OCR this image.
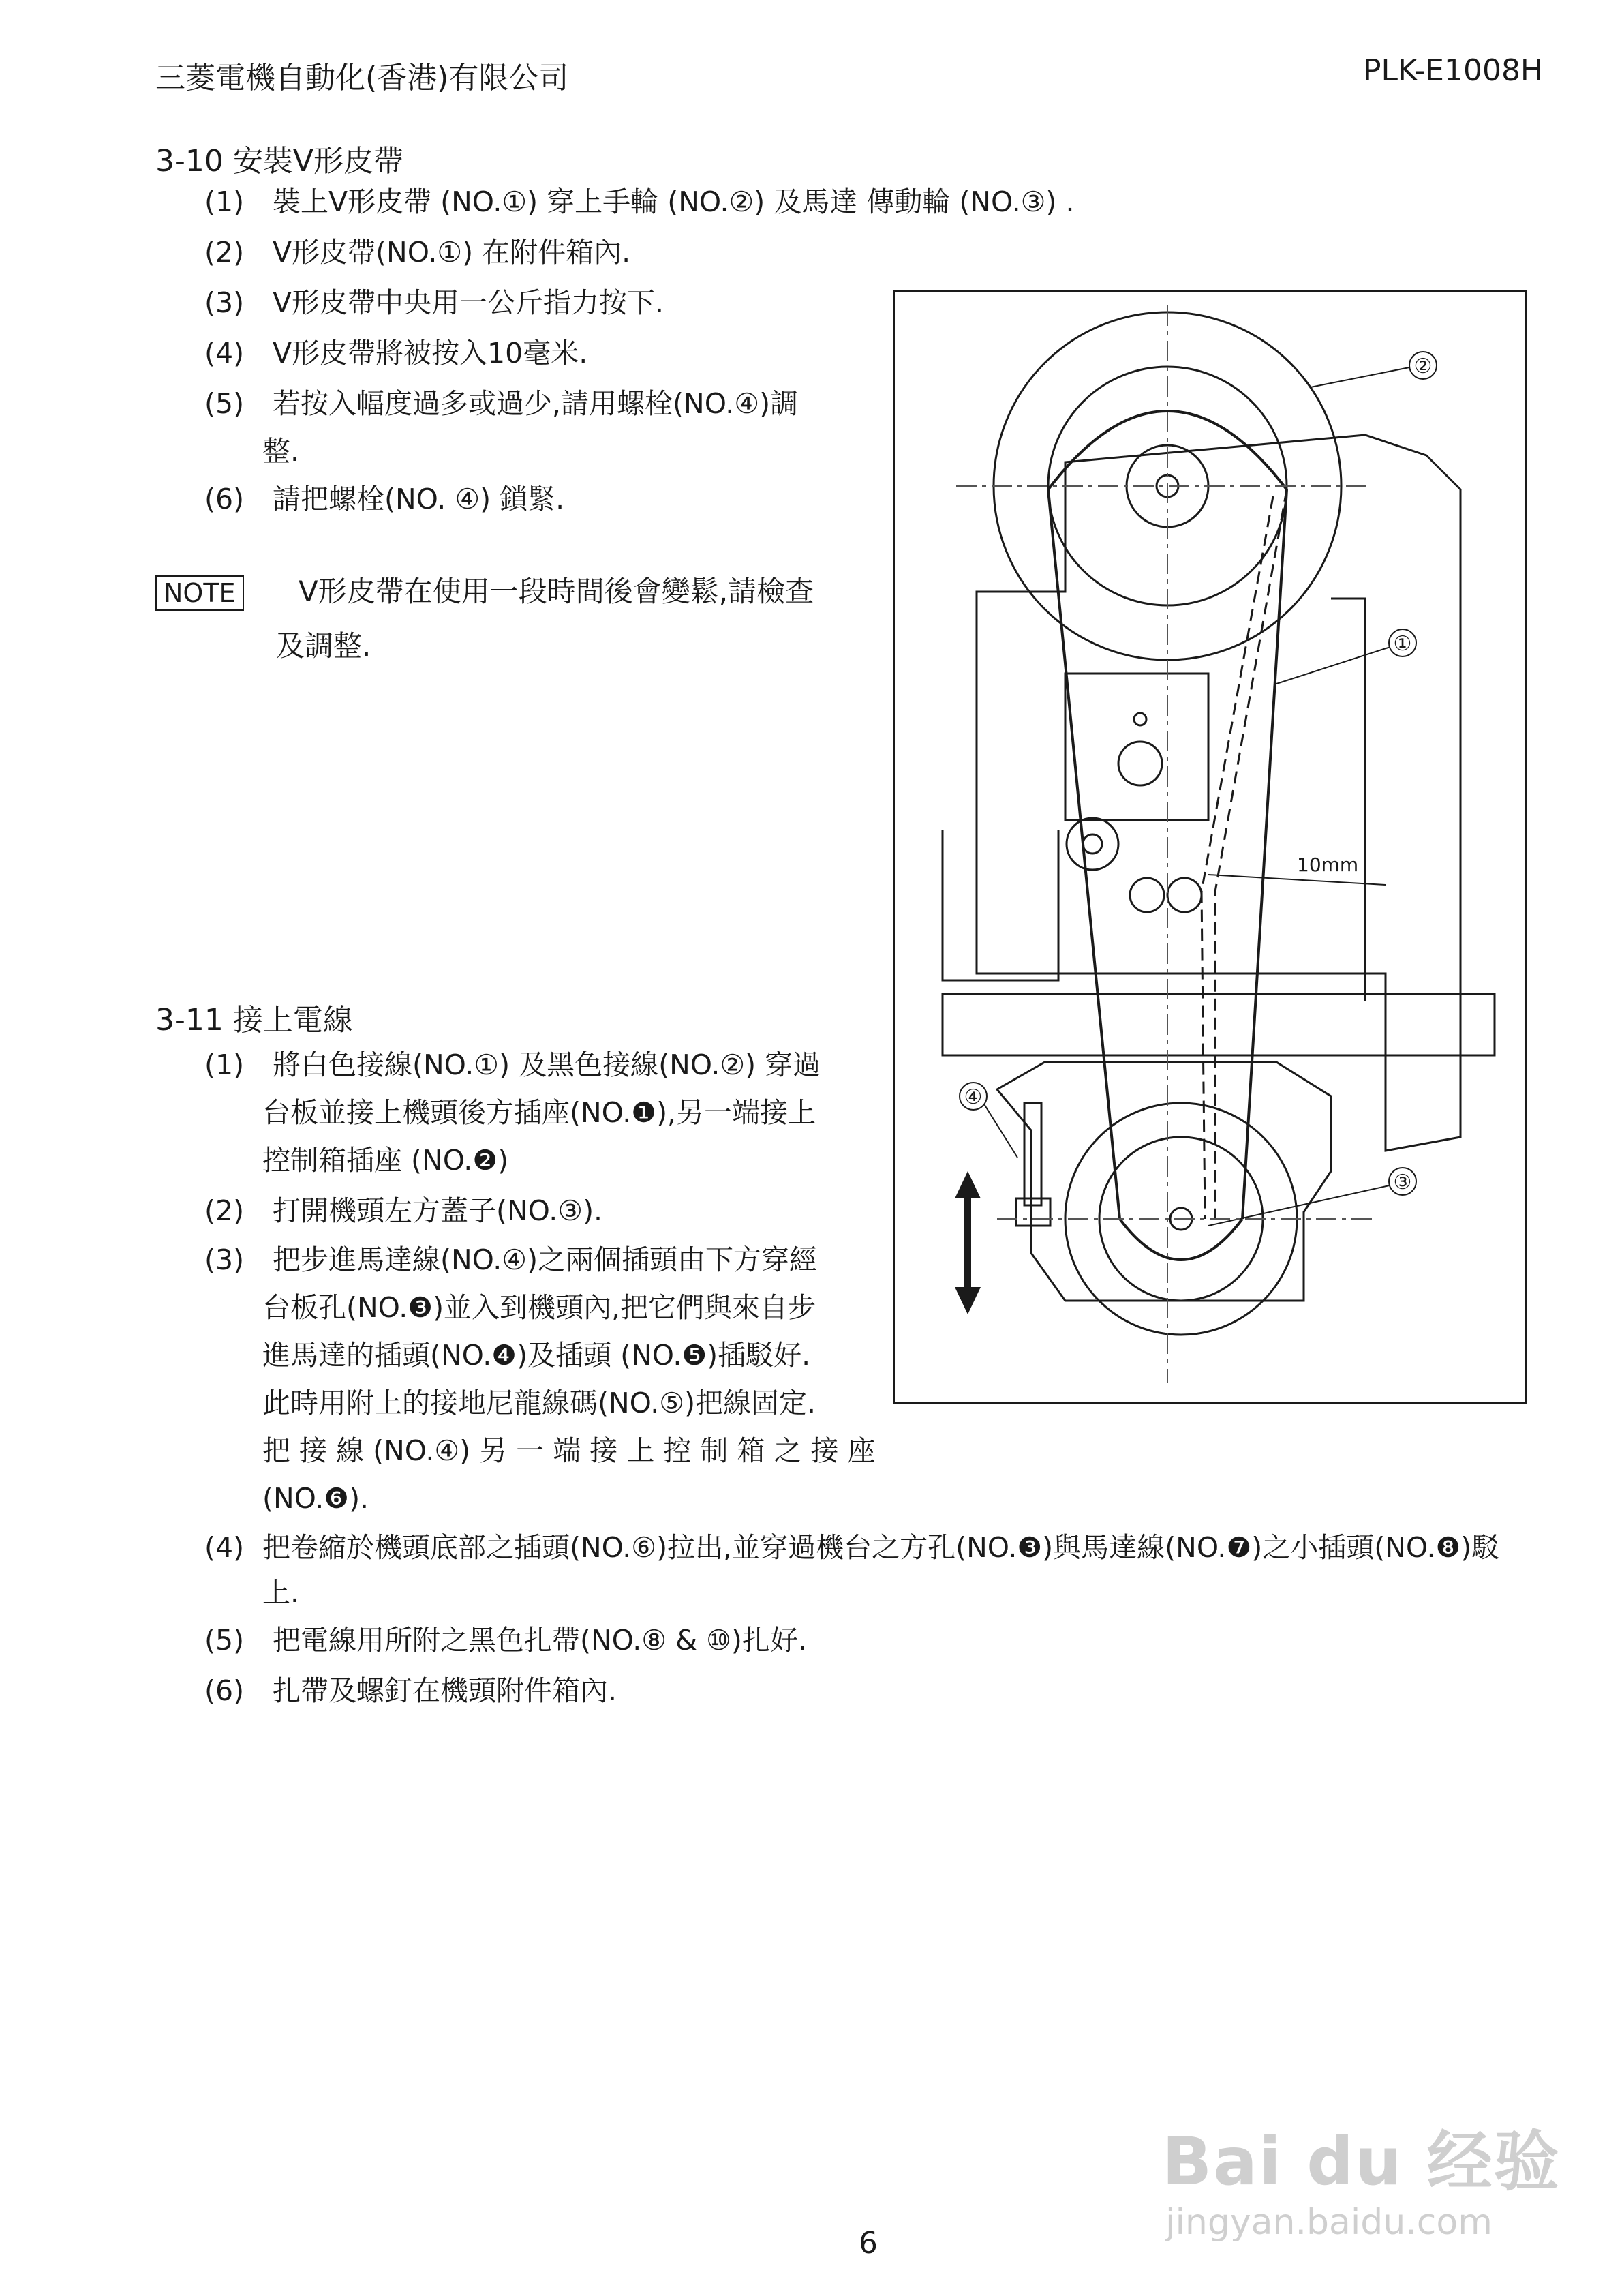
三菱電機自動化(香港)有限公司	PLK-E1008H
3-10 安裝V形皮帶
(1) 裝上V形皮帶 (NO.①) 穿上手輪 (NO.②) 及馬達 傳動輪 (NO.③) .
(2) V形皮帶(NO.①) 在附件箱內.
(3) V形皮帶中央用一公斤指力按下.
(4) V形皮帶將被按入10毫米.
(5) 若按入幅度過多或過少,請用螺栓(NO.④)調
整.
(6) 請把螺栓(NO. ④) 鎖緊.
NOTE V形皮帶在使用一段時間後會變鬆,請檢查
及調整.
②
①
③
④
10mm
3-11 接上電線
(1) 將白色接線(NO.①) 及黑色接線(NO.②) 穿過
台板並接上機頭後方插座(NO.❶),另一端接上
控制箱插座 (NO.❷)
(2) 打開機頭左方蓋子(NO.③).
(3) 把步進馬達線(NO.④)之兩個插頭由下方穿經
台板孔(NO.❸)並入到機頭內,把它們與來自步
進馬達的插頭(NO.❹)及插頭 (NO.❺)插駁好.
此時用附上的接地尼龍線碼(NO.⑤)把線固定.
把 接 線 (NO.④) 另 一 端 接 上 控 制 箱 之 接 座
(NO.❻).
(4) 把卷縮於機頭底部之插頭(NO.⑥)拉出,並穿過機台之方孔(NO.❸)與馬達線(NO.❼)之小插頭(NO.❽)駁
上.
(5) 把電線用所附之黑色扎帶(NO.⑧ & ⑩)扎好.
(6) 扎帶及螺釘在機頭附件箱內.
Bai du 经验
jingyan.baidu.com
6
